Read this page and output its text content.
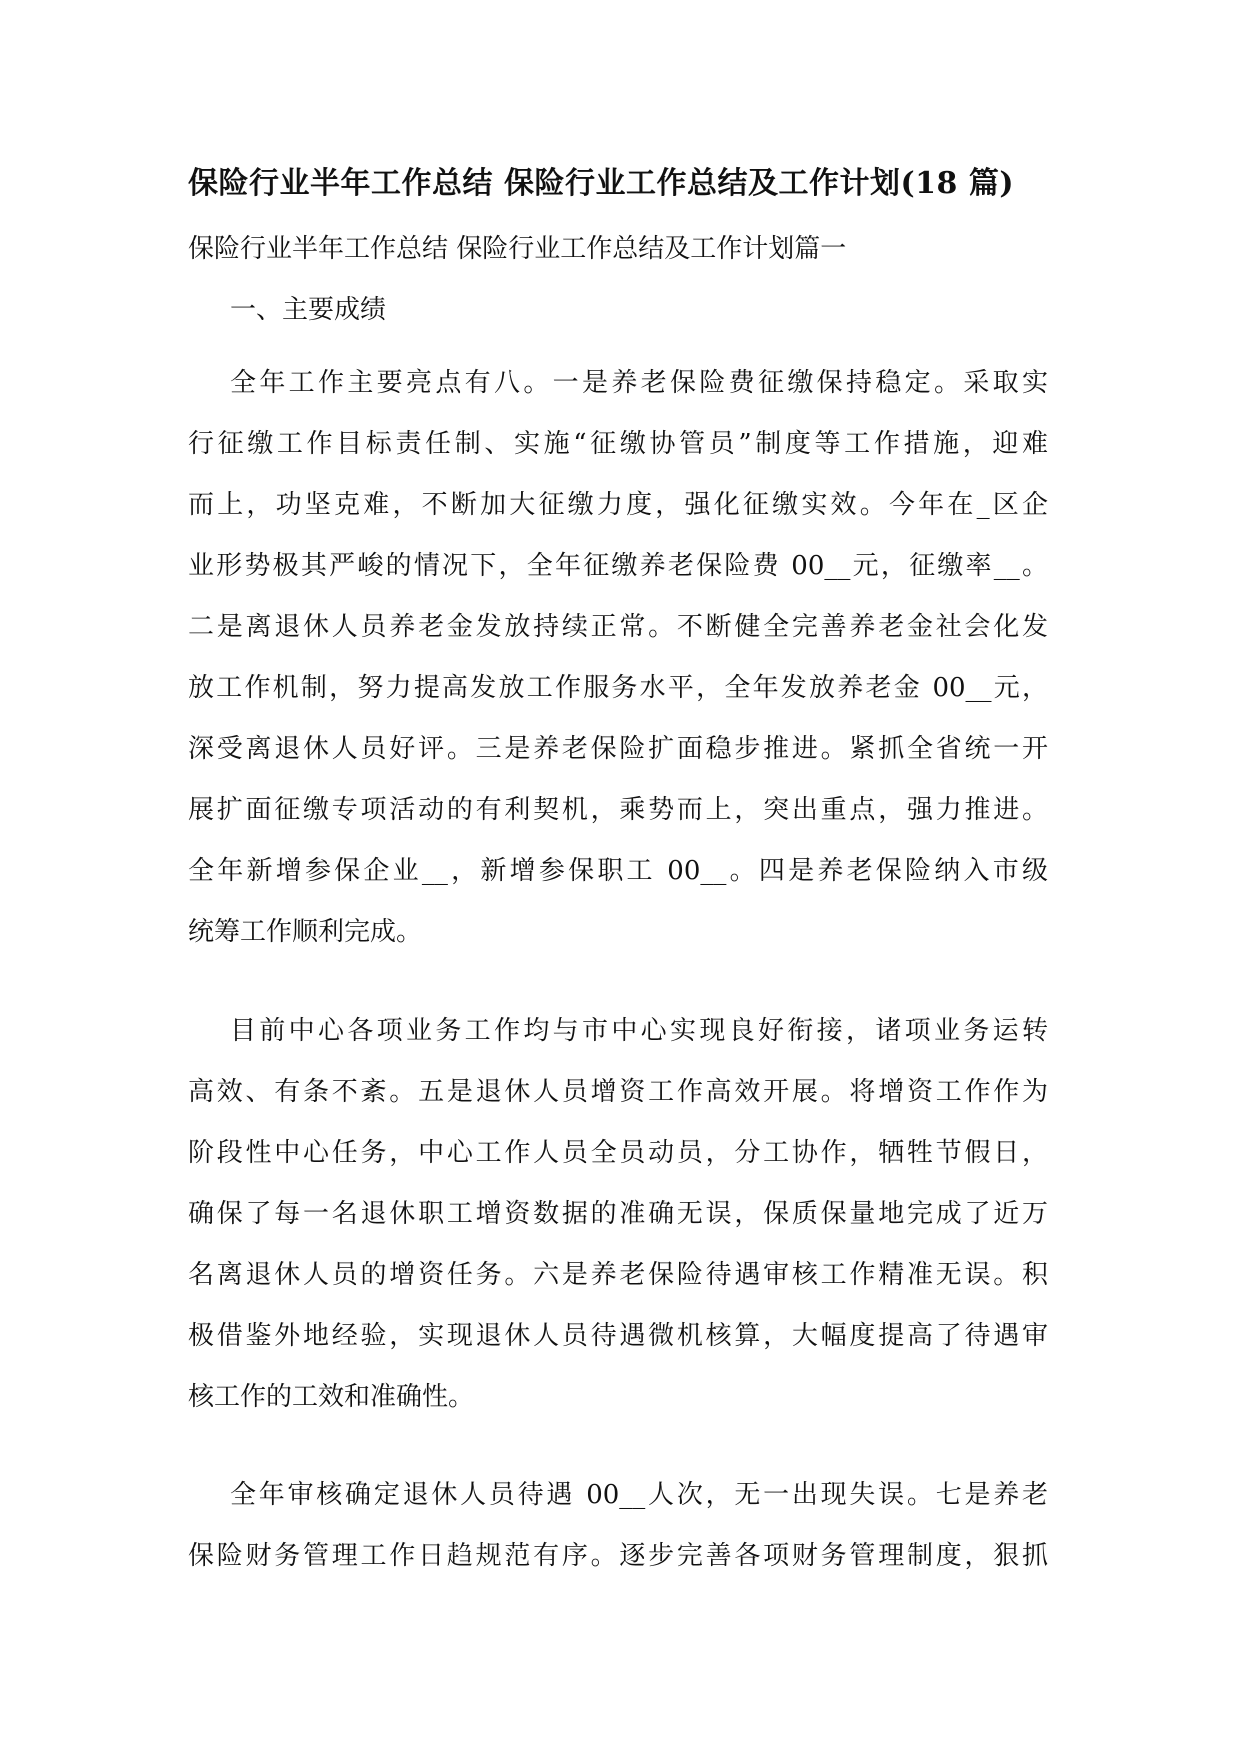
保险行业半年工作总结 保险行业工作总结及工作计划(18 篇)
保险行业半年工作总结 保险行业工作总结及工作计划篇一
一、主要成绩
全年工作主要亮点有八。一是养老保险费征缴保持稳定。采取实
行征缴工作目标责任制、实施“征缴协管员”制度等工作措施，迎难
而上，功坚克难，不断加大征缴力度，强化征缴实效。今年在_区企
业形势极其严峻的情况下，全年征缴养老保险费 00__元，征缴率__。
二是离退休人员养老金发放持续正常。不断健全完善养老金社会化发
放工作机制，努力提高发放工作服务水平，全年发放养老金 00__元，
深受离退休人员好评。三是养老保险扩面稳步推进。紧抓全省统一开
展扩面征缴专项活动的有利契机，乘势而上，突出重点，强力推进。
全年新增参保企业__，新增参保职工 00__。四是养老保险纳入市级
统筹工作顺利完成。
目前中心各项业务工作均与市中心实现良好衔接，诸项业务运转
高效、有条不紊。五是退休人员增资工作高效开展。将增资工作作为
阶段性中心任务，中心工作人员全员动员，分工协作，牺牲节假日，
确保了每一名退休职工增资数据的准确无误，保质保量地完成了近万
名离退休人员的增资任务。六是养老保险待遇审核工作精准无误。积
极借鉴外地经验，实现退休人员待遇微机核算，大幅度提高了待遇审
核工作的工效和准确性。
全年审核确定退休人员待遇 00__人次，无一出现失误。七是养老
保险财务管理工作日趋规范有序。逐步完善各项财务管理制度，狠抓
